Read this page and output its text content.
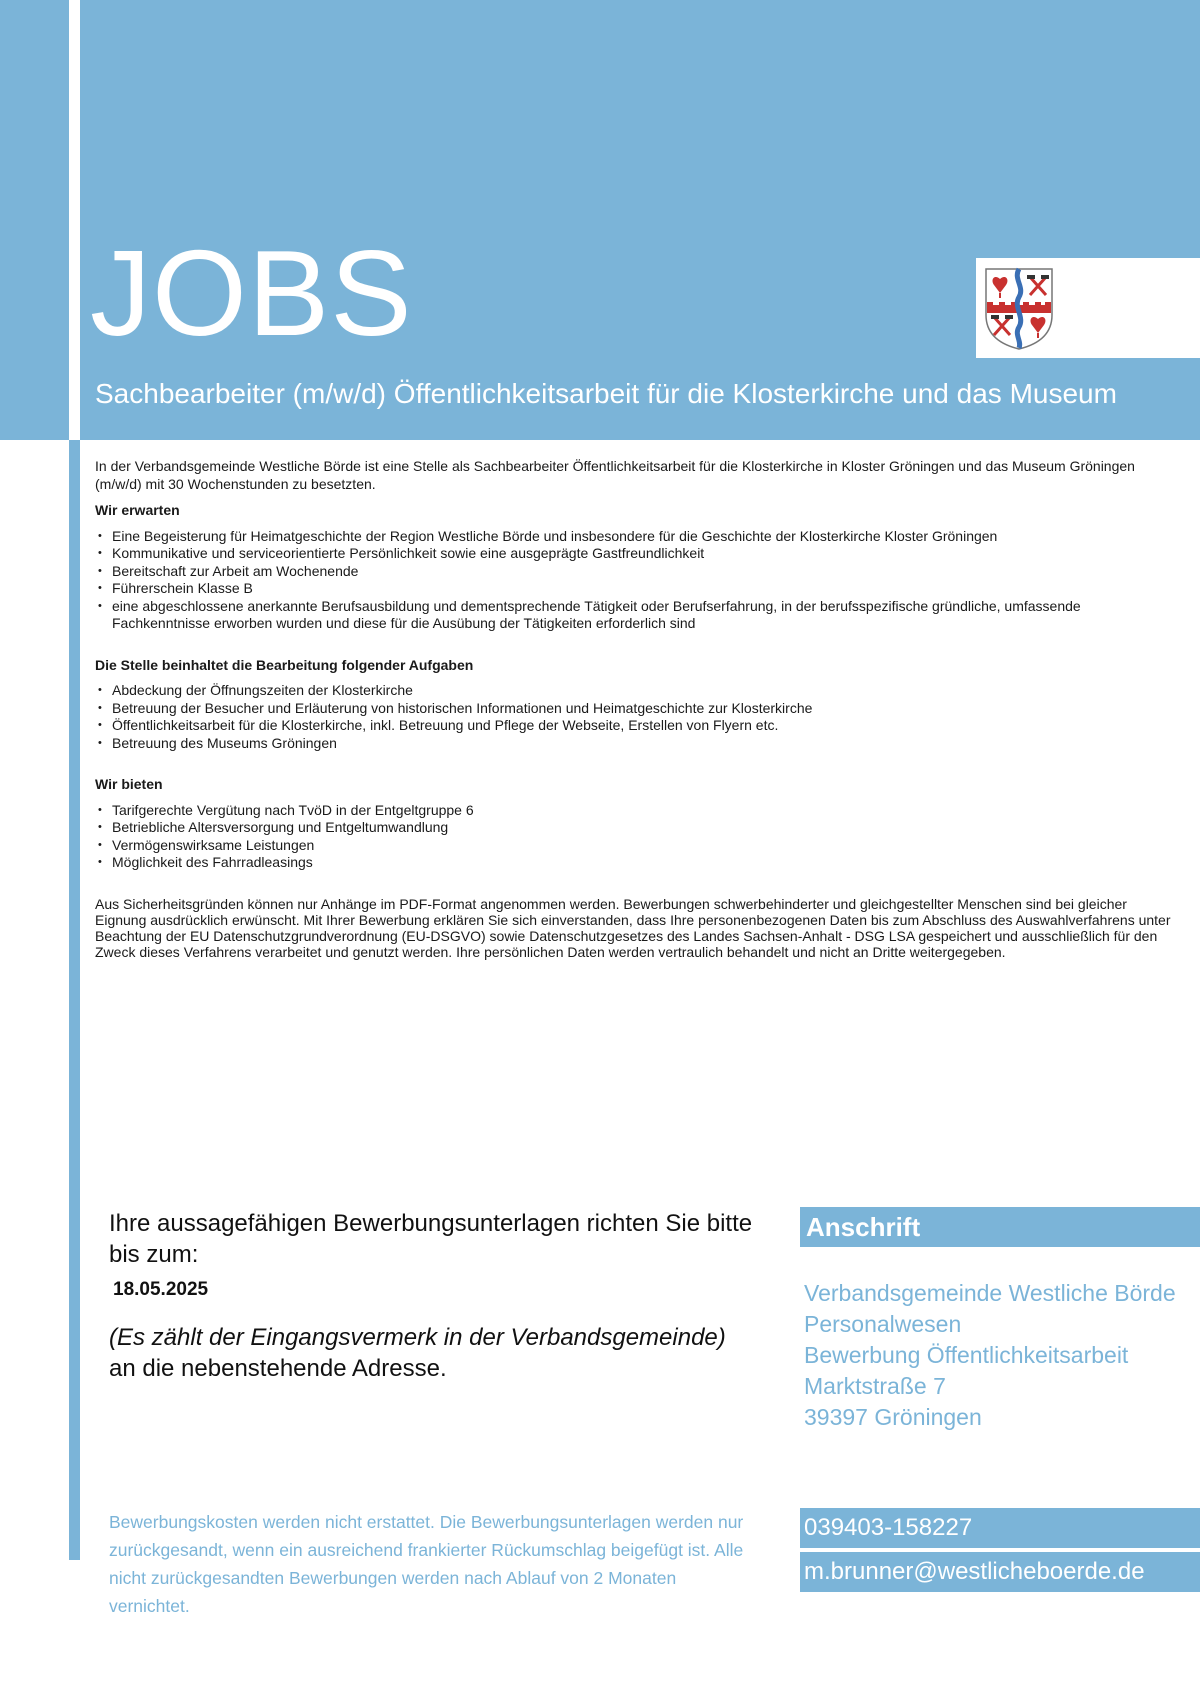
JOBS
Sachbearbeiter (m/w/d) Öffentlichkeitsarbeit für die Klosterkirche und das Museum

In der Verbandsgemeinde Westliche Börde ist eine Stelle als Sachbearbeiter Öffentlichkeitsarbeit für die Klosterkirche in Kloster Gröningen und das Museum Gröningen (m/w/d) mit 30 Wochenstunden zu besetzten.

Wir erwarten

• Eine Begeisterung für Heimatgeschichte der Region Westliche Börde und insbesondere für die Geschichte der Klosterkirche Kloster Gröningen
• Kommunikative und serviceorientierte Persönlichkeit sowie eine ausgeprägte Gastfreundlichkeit
• Bereitschaft zur Arbeit am Wochenende
• Führerschein Klasse B
• eine abgeschlossene anerkannte Berufsausbildung und dementsprechende Tätigkeit oder Berufserfahrung, in der berufsspezifische gründliche, umfassende Fachkenntnisse erworben wurden und diese für die Ausübung der Tätigkeiten erforderlich sind

Die Stelle beinhaltet die Bearbeitung folgender Aufgaben

• Abdeckung der Öffnungszeiten der Klosterkirche
• Betreuung der Besucher und Erläuterung von historischen Informationen und Heimatgeschichte zur Klosterkirche
• Öffentlichkeitsarbeit für die Klosterkirche, inkl. Betreuung und Pflege der Webseite, Erstellen von Flyern etc.
• Betreuung des Museums Gröningen

Wir bieten

• Tarifgerechte Vergütung nach TvöD in der Entgeltgruppe 6
• Betriebliche Altersversorgung und Entgeltumwandlung
• Vermögenswirksame Leistungen
• Möglichkeit des Fahrradleasings

Aus Sicherheitsgründen können nur Anhänge im PDF-Format angenommen werden. Bewerbungen schwerbehinderter und gleichgestellter Menschen sind bei gleicher Eignung ausdrücklich erwünscht. Mit Ihrer Bewerbung erklären Sie sich einverstanden, dass Ihre personenbezogenen Daten bis zum Abschluss des Auswahlverfahrens unter Beachtung der EU Datenschutzgrundverordnung (EU-DSGVO) sowie Datenschutzgesetzes des Landes Sachsen-Anhalt - DSG LSA gespeichert und ausschließlich für den Zweck dieses Verfahrens verarbeitet und genutzt werden. Ihre persönlichen Daten werden vertraulich behandelt und nicht an Dritte weitergegeben.

Ihre aussagefähigen Bewerbungsunterlagen richten Sie bitte bis zum:
18.05.2025
(Es zählt der Eingangsvermerk in der Verbandsgemeinde)
an die nebenstehende Adresse.
Anschrift
Verbandsgemeinde Westliche Börde
Personalwesen
Bewerbung Öffentlichkeitsarbeit
Marktstraße 7
39397 Gröningen
039403-158227
m.brunner@westlicheboerde.de
Bewerbungskosten werden nicht erstattet. Die Bewerbungsunterlagen werden nur zurückgesandt, wenn ein ausreichend frankierter Rückumschlag beigefügt ist. Alle nicht zurückgesandten Bewerbungen werden nach Ablauf von 2 Monaten vernichtet.
